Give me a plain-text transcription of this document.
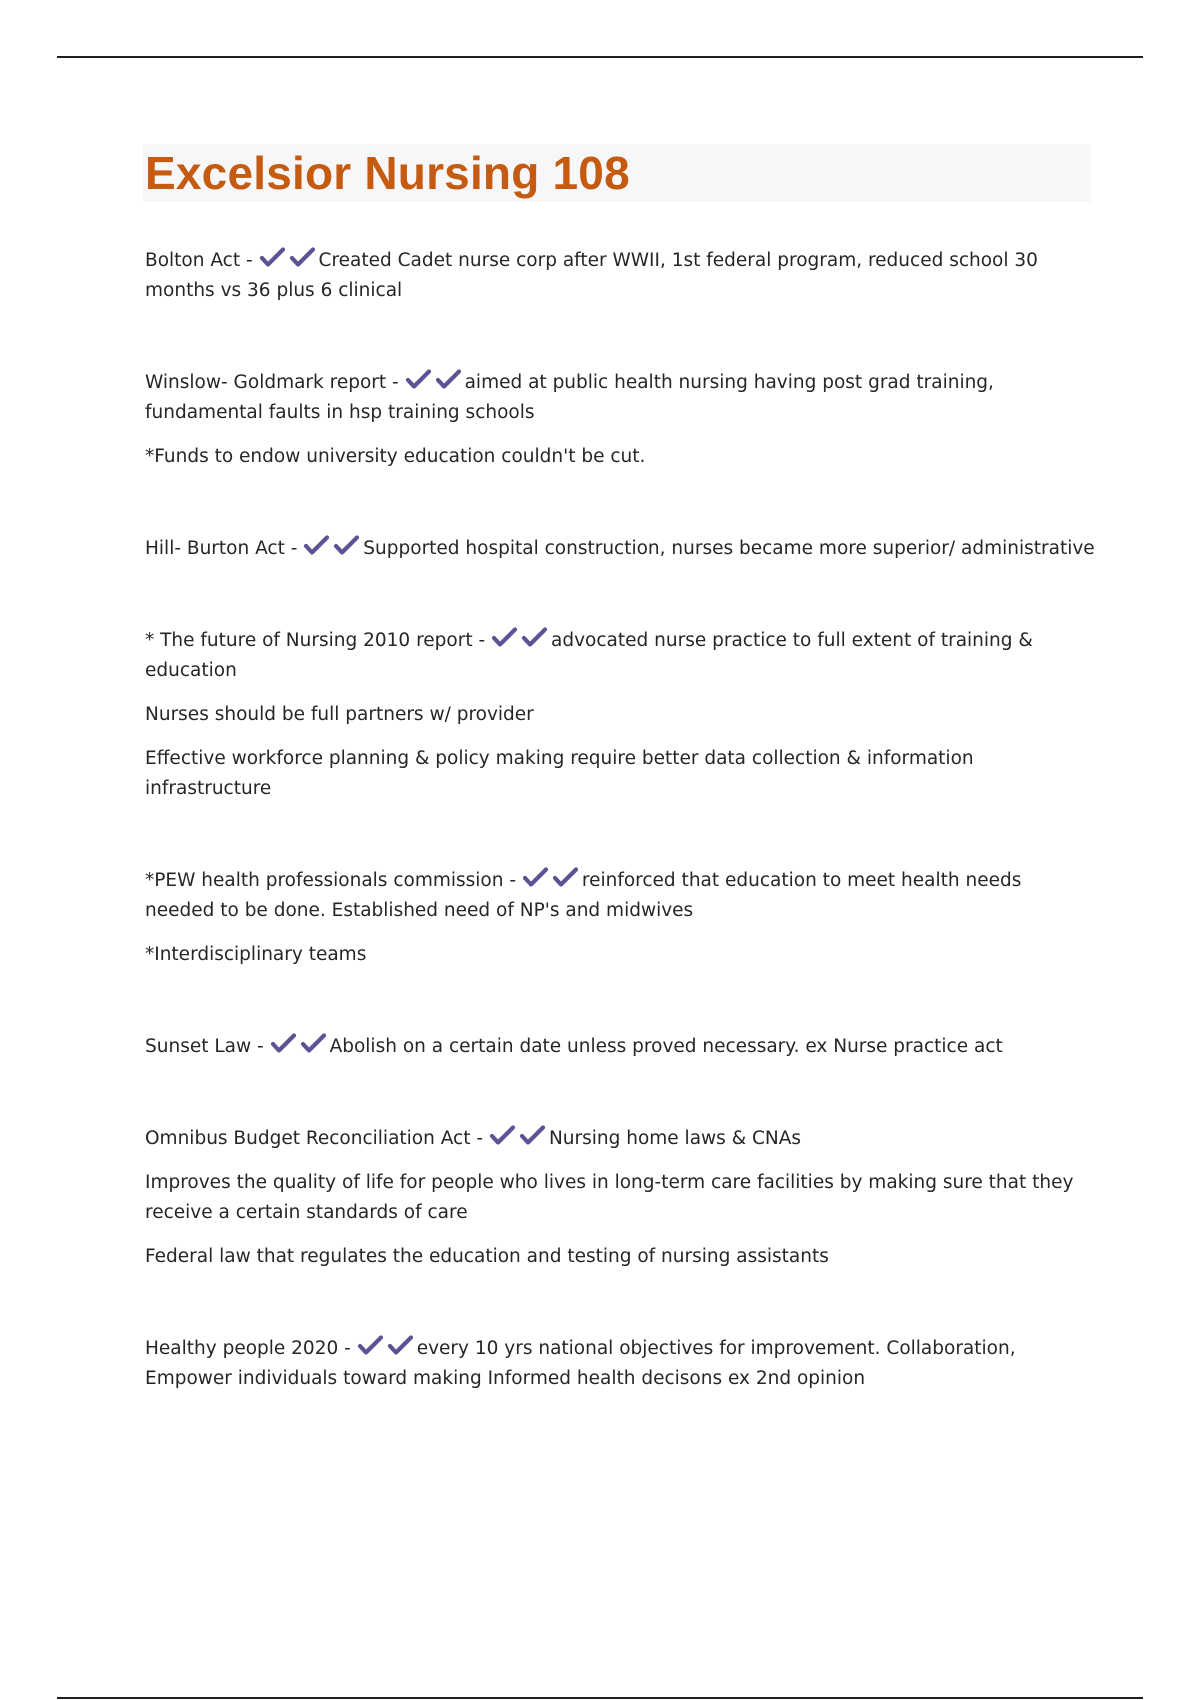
Excelsior Nursing 108

Bolton Act -	Created Cadet nurse corp after WWII, 1st federal program, reduced school 30 months vs 36 plus 6 clinical

Winslow- Goldmark report -	aimed at public health nursing having post grad training, fundamental faults in hsp training schools

*Funds to endow university education couldn't be cut.

Hill- Burton Act -	Supported hospital construction, nurses became more superior/ administrative

* The future of Nursing 2010 report -	advocated nurse practice to full extent of training & education

Nurses should be full partners w/ provider

Effective workforce planning & policy making require better data collection & information infrastructure

*PEW health professionals commission -	reinforced that education to meet health needs needed to be done. Established need of NP's and midwives

*Interdisciplinary teams

Sunset Law -	Abolish on a certain date unless proved necessary. ex Nurse practice act

Omnibus Budget Reconciliation Act -	Nursing home laws & CNAs

Improves the quality of life for people who lives in long-term care facilities by making sure that they receive a certain standards of care

Federal law that regulates the education and testing of nursing assistants

Healthy people 2020 -	every 10 yrs national objectives for improvement. Collaboration, Empower individuals toward making Informed health decisons ex 2nd opinion
